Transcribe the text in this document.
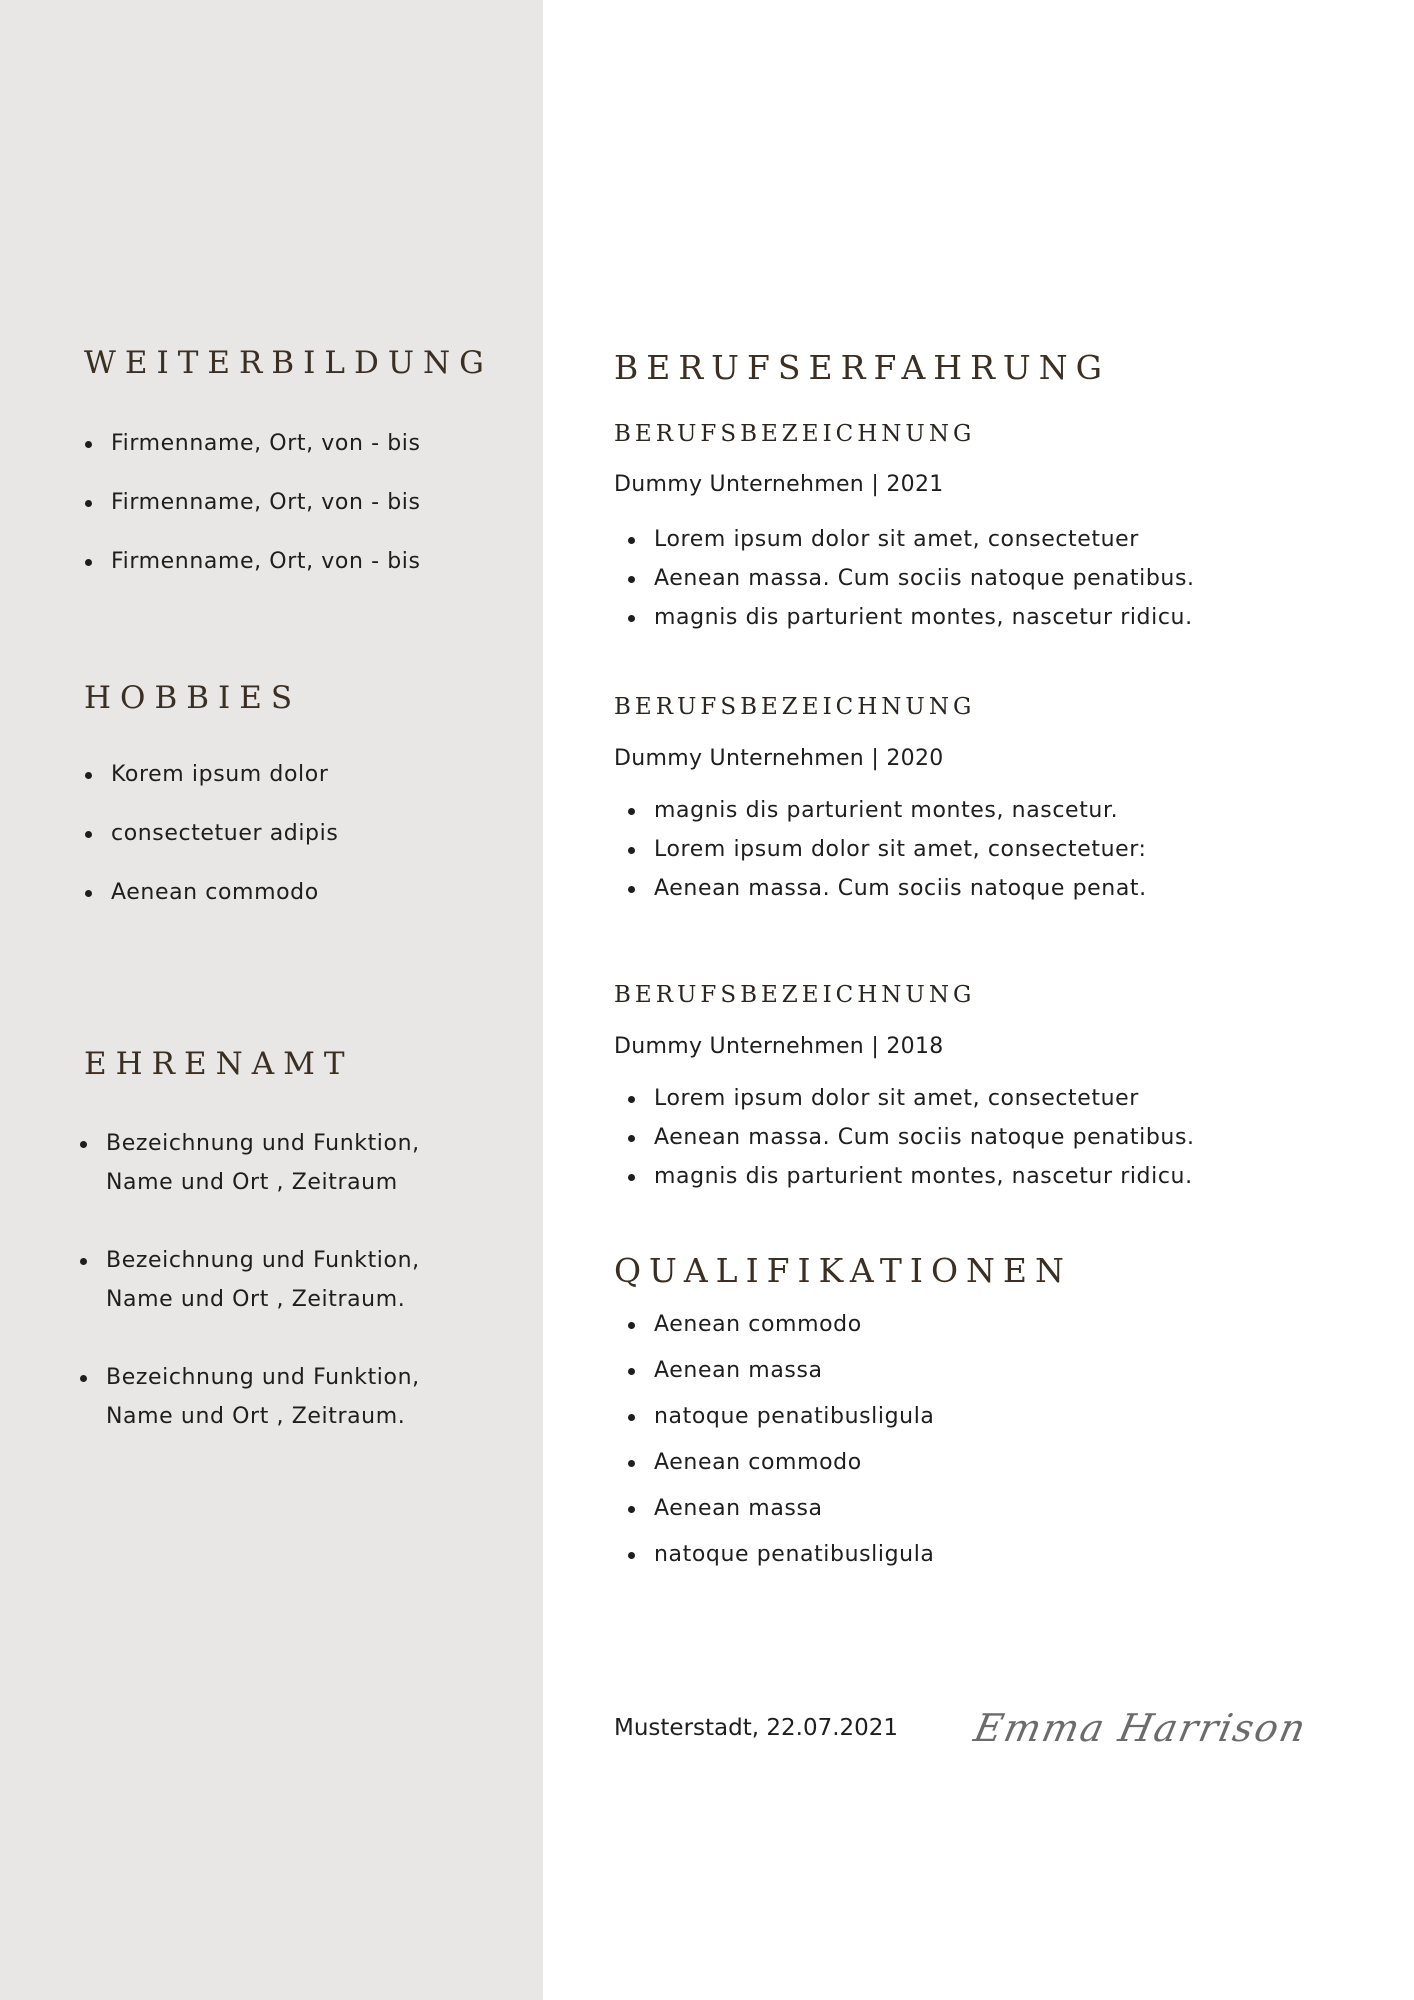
WEITERBILDUNG
Firmenname, Ort, von - bis
Firmenname, Ort, von - bis
Firmenname, Ort, von - bis
HOBBIES
Korem ipsum dolor
consectetuer adipis
Aenean commodo
EHRENAMT
Bezeichnung und Funktion, Name und Ort , Zeitraum
Bezeichnung und Funktion, Name und Ort , Zeitraum.
Bezeichnung und Funktion, Name und Ort , Zeitraum.
BERUFSERFAHRUNG
BERUFSBEZEICHNUNG
Dummy Unternehmen | 2021
Lorem ipsum dolor sit amet, consectetuer
Aenean massa. Cum sociis natoque penatibus.
magnis dis parturient montes, nascetur ridicu.
BERUFSBEZEICHNUNG
Dummy Unternehmen | 2020
magnis dis parturient montes, nascetur.
Lorem ipsum dolor sit amet, consectetuer:
Aenean massa. Cum sociis natoque penat.
BERUFSBEZEICHNUNG
Dummy Unternehmen | 2018
Lorem ipsum dolor sit amet, consectetuer
Aenean massa. Cum sociis natoque penatibus.
magnis dis parturient montes, nascetur ridicu.
QUALIFIKATIONEN
Aenean commodo
Aenean massa
natoque penatibusligula
Aenean commodo
Aenean massa
natoque penatibusligula
Musterstadt, 22.07.2021 Emma Harrison
